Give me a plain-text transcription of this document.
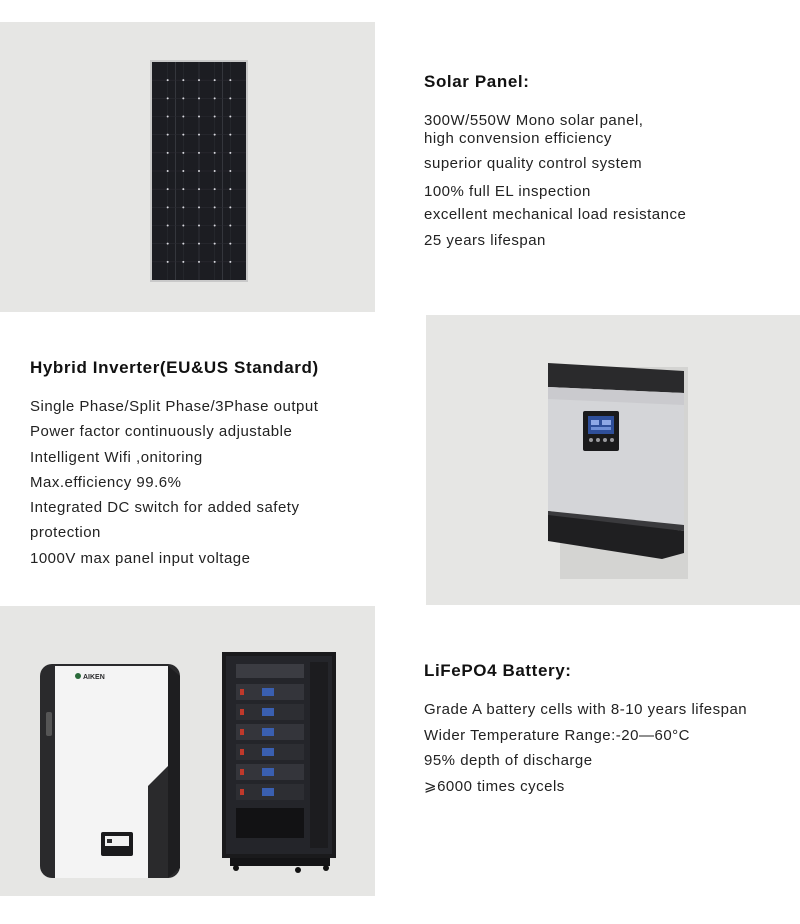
Solar Panel:

300W/550W Mono solar panel,

high convension efficiency

superior quality control system

100% full EL inspection

excellent mechanical load resistance

25 years lifespan

Hybrid Inverter(EU&US Standard)

Single Phase/Split Phase/3Phase output

Power factor continuously adjustable

Intelligent Wifi ,onitoring

Max.efficiency 99.6%

Integrated DC switch for added safety

protection

1000V max panel input voltage

AIKEN	LiFePO4 Battery:

Grade A battery cells with 8-10 years lifespan

Wider Temperature Range:-20—60°C

95% depth of discharge

⩾6000 times cycels
